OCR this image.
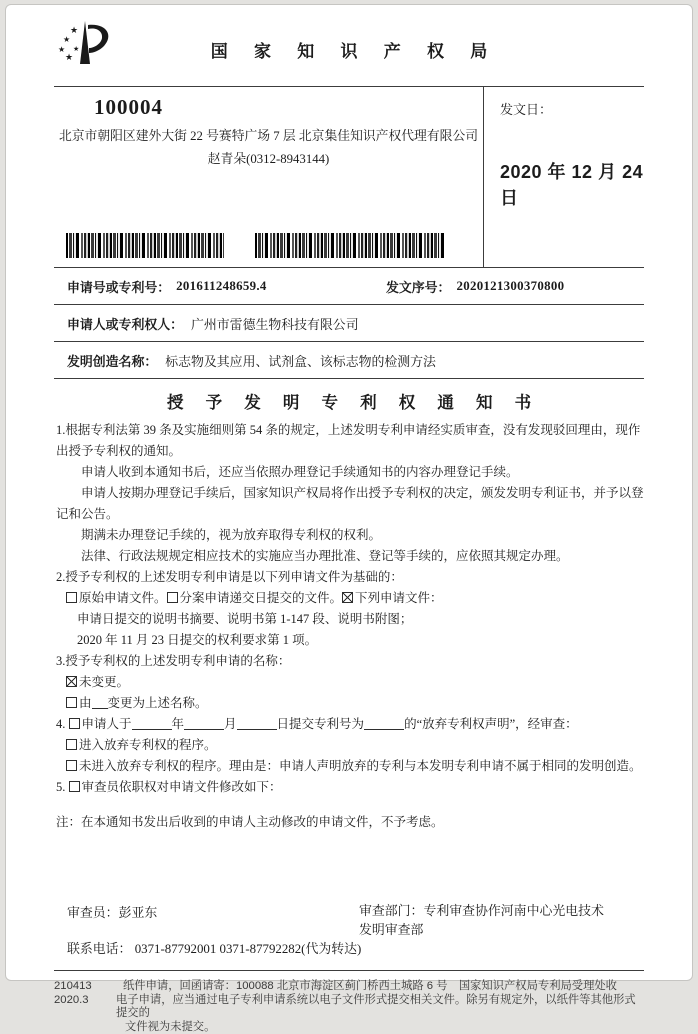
★
★
★
★
★	国 家 知 识 产 权 局
100004
北京市朝阳区建外大街 22 号赛特广场 7 层 北京集佳知识产权代理有限公司
赵青朵(0312-8943144)
发文日：
2020 年 12 月 24 日
申请号或专利号： 201611248659.4	发文序号： 2020121300370800
申请人或专利权人： 广州市雷德生物科技有限公司
发明创造名称： 标志物及其应用、试剂盒、该标志物的检测方法
授 予 发 明 专 利 权 通 知 书
1.根据专利法第 39 条及实施细则第 54 条的规定，上述发明专利申请经实质审查，没有发现驳回理由，现作出授予专利权的通知。
申请人收到本通知书后，还应当依照办理登记手续通知书的内容办理登记手续。
申请人按期办理登记手续后，国家知识产权局将作出授予专利权的决定，颁发发明专利证书，并予以登记和公告。
期满未办理登记手续的，视为放弃取得专利权的权利。
法律、行政法规规定相应技术的实施应当办理批准、登记等手续的，应依照其规定办理。
2.授予专利权的上述发明专利申请是以下列申请文件为基础的：
原始申请文件。 分案申请递交日提交的文件。 下列申请文件：
申请日提交的说明书摘要、说明书第 1-147 段、说明书附图；
2020 年 11 月 23 日提交的权利要求第 1 项。
3.授予专利权的上述发明专利申请的名称：
未变更。
由 变更为上述名称。
4. 申请人于	年	月	日提交专利号为	的“放弃专利权声明”，经审查：
进入放弃专利权的程序。
未进入放弃专利权的程序。理由是：申请人声明放弃的专利与本发明专利申请不属于相同的发明创造。
5. 审查员依职权对申请文件修改如下：
注：在本通知书发出后收到的申请人主动修改的申请文件，不予考虑。
审查员： 彭亚东	审查部门：专利审查协作河南中心光电技术
发明审查部
联系电话： 0371-87792001 0371-87792282(代为转达)
210413
2020.3
纸件申请，回函请寄：100088 北京市海淀区蓟门桥西土城路 6 号　国家知识产权局专利局受理处收
电子申请，应当通过电子专利申请系统以电子文件形式提交相关文件。除另有规定外，以纸件等其他形式提交的
文件视为未提交。
